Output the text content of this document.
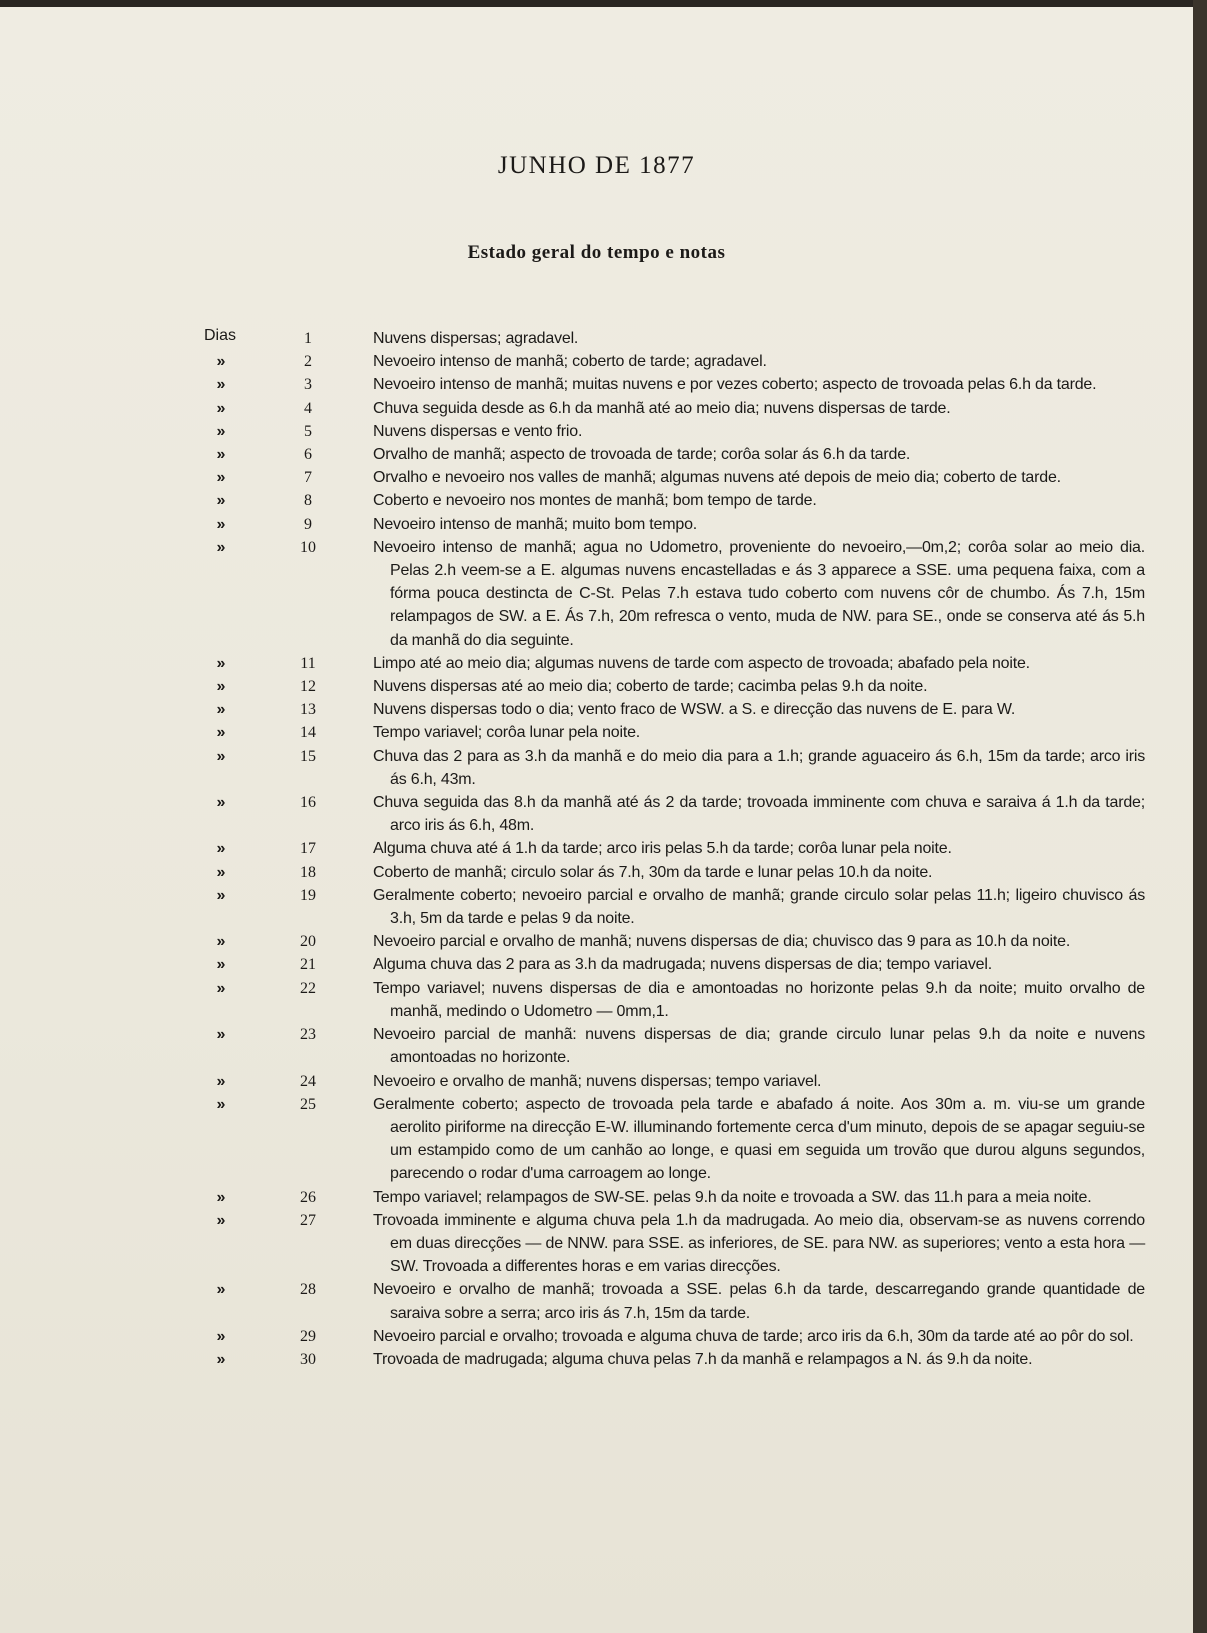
JUNHO DE 1877
Estado geral do tempo e notas
Dias	1	Nuvens dispersas; agradavel.
»	2	Nevoeiro intenso de manhã; coberto de tarde; agradavel.
»	3	Nevoeiro intenso de manhã; muitas nuvens e por vezes coberto; aspecto de trovoada pelas 6.h da tarde.
»	4	Chuva seguida desde as 6.h da manhã até ao meio dia; nuvens dispersas de tarde.
»	5	Nuvens dispersas e vento frio.
»	6	Orvalho de manhã; aspecto de trovoada de tarde; corôa solar ás 6.h da tarde.
»	7	Orvalho e nevoeiro nos valles de manhã; algumas nuvens até depois de meio dia; coberto de tarde.
»	8	Coberto e nevoeiro nos montes de manhã; bom tempo de tarde.
»	9	Nevoeiro intenso de manhã; muito bom tempo.
»	10	Nevoeiro intenso de manhã; agua no Udometro, proveniente do nevoeiro,—0m,2; corôa solar ao meio dia. Pelas 2.h veem-se a E. algumas nuvens encastelladas e ás 3 apparece a SSE. uma pequena faixa, com a fórma pouca destincta de C-St. Pelas 7.h estava tudo coberto com nuvens côr de chumbo. Ás 7.h, 15m relampagos de SW. a E. Ás 7.h, 20m refresca o vento, muda de NW. para SE., onde se conserva até ás 5.h da manhã do dia seguinte.
»	11	Limpo até ao meio dia; algumas nuvens de tarde com aspecto de trovoada; abafado pela noite.
»	12	Nuvens dispersas até ao meio dia; coberto de tarde; cacimba pelas 9.h da noite.
»	13	Nuvens dispersas todo o dia; vento fraco de WSW. a S. e direcção das nuvens de E. para W.
»	14	Tempo variavel; corôa lunar pela noite.
»	15	Chuva das 2 para as 3.h da manhã e do meio dia para a 1.h; grande aguaceiro ás 6.h, 15m da tarde; arco iris ás 6.h, 43m.
»	16	Chuva seguida das 8.h da manhã até ás 2 da tarde; trovoada imminente com chuva e saraiva á 1.h da tarde; arco iris ás 6.h, 48m.
»	17	Alguma chuva até á 1.h da tarde; arco iris pelas 5.h da tarde; corôa lunar pela noite.
»	18	Coberto de manhã; circulo solar ás 7.h, 30m da tarde e lunar pelas 10.h da noite.
»	19	Geralmente coberto; nevoeiro parcial e orvalho de manhã; grande circulo solar pelas 11.h; ligeiro chuvisco ás 3.h, 5m da tarde e pelas 9 da noite.
»	20	Nevoeiro parcial e orvalho de manhã; nuvens dispersas de dia; chuvisco das 9 para as 10.h da noite.
»	21	Alguma chuva das 2 para as 3.h da madrugada; nuvens dispersas de dia; tempo variavel.
»	22	Tempo variavel; nuvens dispersas de dia e amontoadas no horizonte pelas 9.h da noite; muito orvalho de manhã, medindo o Udometro — 0mm,1.
»	23	Nevoeiro parcial de manhã: nuvens dispersas de dia; grande circulo lunar pelas 9.h da noite e nuvens amontoadas no horizonte.
»	24	Nevoeiro e orvalho de manhã; nuvens dispersas; tempo variavel.
»	25	Geralmente coberto; aspecto de trovoada pela tarde e abafado á noite. Aos 30m a. m. viu-se um grande aerolito piriforme na direcção E-W. illuminando fortemente cerca d'um minuto, depois de se apagar seguiu-se um estampido como de um canhão ao longe, e quasi em seguida um trovão que durou alguns segundos, parecendo o rodar d'uma carroagem ao longe.
»	26	Tempo variavel; relampagos de SW-SE. pelas 9.h da noite e trovoada a SW. das 11.h para a meia noite.
»	27	Trovoada imminente e alguma chuva pela 1.h da madrugada. Ao meio dia, observam-se as nuvens correndo em duas direcções — de NNW. para SSE. as inferiores, de SE. para NW. as superiores; vento a esta hora — SW. Trovoada a differentes horas e em varias direcções.
»	28	Nevoeiro e orvalho de manhã; trovoada a SSE. pelas 6.h da tarde, descarregando grande quantidade de saraiva sobre a serra; arco iris ás 7.h, 15m da tarde.
»	29	Nevoeiro parcial e orvalho; trovoada e alguma chuva de tarde; arco iris da 6.h, 30m da tarde até ao pôr do sol.
»	30	Trovoada de madrugada; alguma chuva pelas 7.h da manhã e relampagos a N. ás 9.h da noite.
